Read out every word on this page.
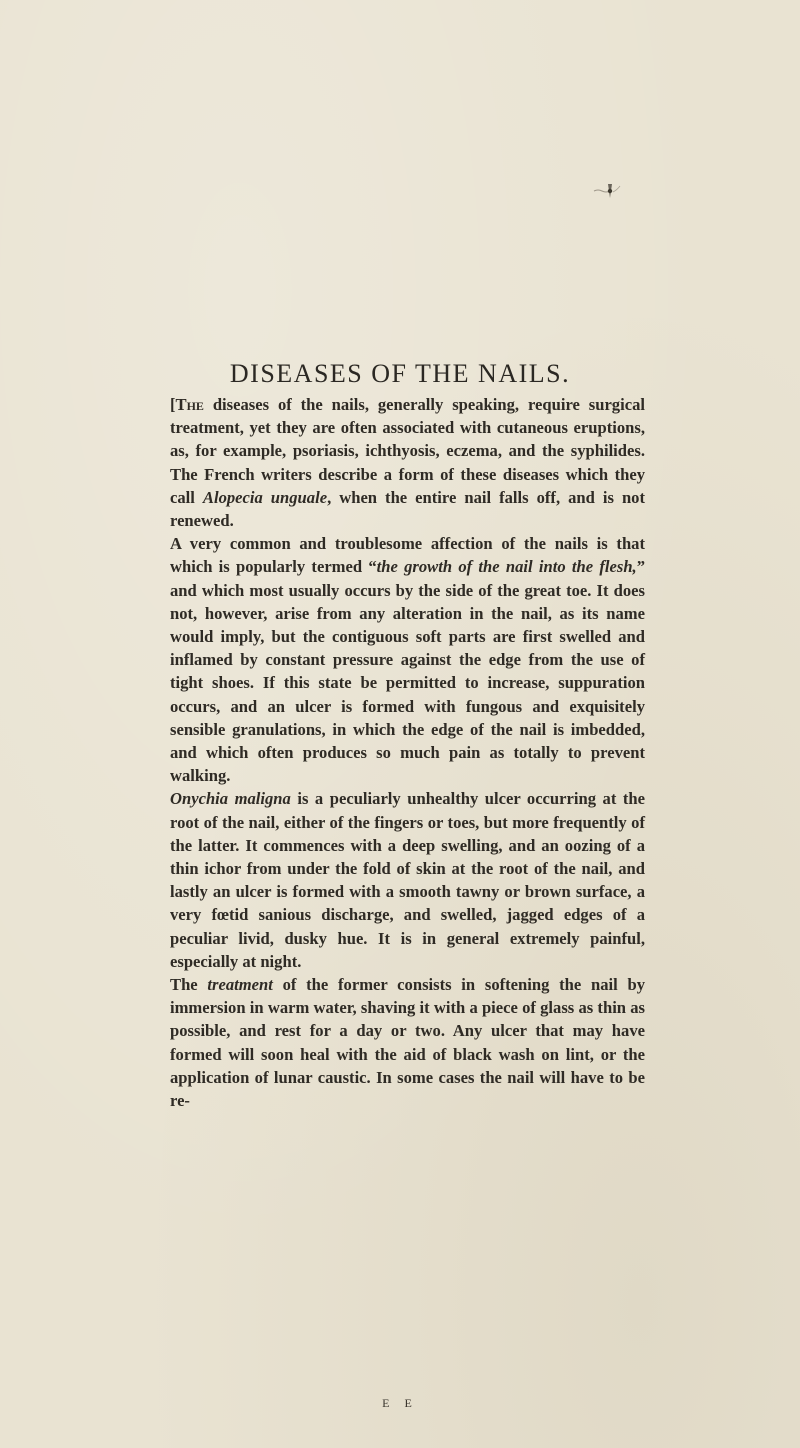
DISEASES OF THE NAILS.

[The diseases of the nails, generally speaking, require surgical treatment, yet they are often associated with cutaneous eruptions, as, for example, psoriasis, ichthyosis, eczema, and the syphilides. The French writers describe a form of these diseases which they call Alopecia unguale, when the entire nail falls off, and is not renewed.

A very common and troublesome affection of the nails is that which is popularly termed “the growth of the nail into the flesh,” and which most usually occurs by the side of the great toe. It does not, however, arise from any alteration in the nail, as its name would imply, but the contiguous soft parts are first swelled and inflamed by constant pressure against the edge from the use of tight shoes. If this state be permitted to increase, suppuration occurs, and an ulcer is formed with fungous and exquisitely sensible granulations, in which the edge of the nail is imbedded, and which often produces so much pain as totally to prevent walking.

Onychia maligna is a peculiarly unhealthy ulcer occurring at the root of the nail, either of the fingers or toes, but more frequently of the latter. It commences with a deep swelling, and an oozing of a thin ichor from under the fold of skin at the root of the nail, and lastly an ulcer is formed with a smooth tawny or brown surface, a very fœtid sanious discharge, and swelled, jagged edges of a peculiar livid, dusky hue. It is in general extremely painful, especially at night.

The treatment of the former consists in softening the nail by immersion in warm water, shaving it with a piece of glass as thin as possible, and rest for a day or two. Any ulcer that may have formed will soon heal with the aid of black wash on lint, or the application of lunar caustic. In some cases the nail will have to be re-

E E
